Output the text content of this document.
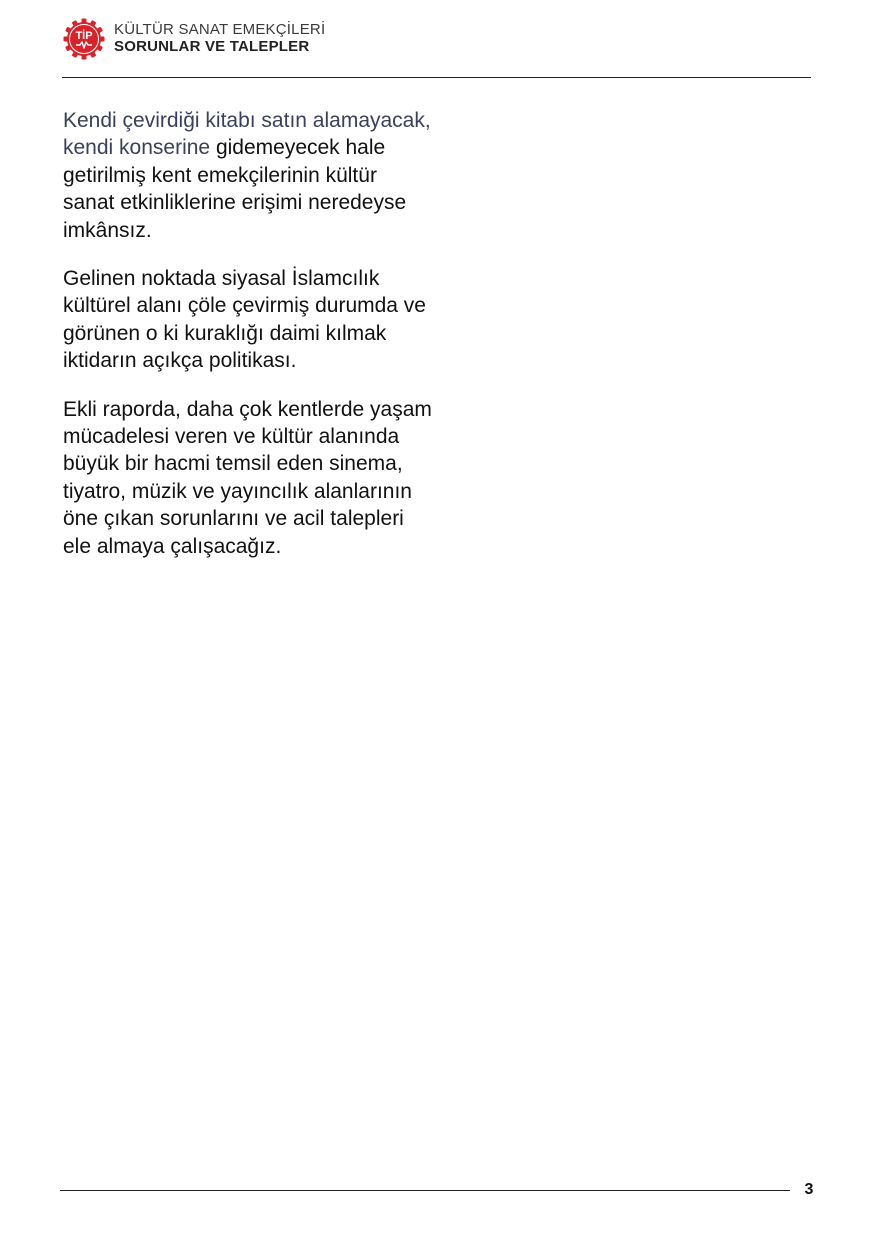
TİP KÜLTÜR SANAT EMEKÇİLERİ
SORUNLAR VE TALEPLER

Kendi çevirdiği kitabı satın alamayacak, kendi konserine gidemeyecek hale getirilmiş kent emekçilerinin kültür sanat etkinliklerine erişimi neredeyse imkânsız.

Gelinen noktada siyasal İslamcılık kültürel alanı çöle çevirmiş durumda ve görünen o ki kuraklığı daimi kılmak iktidarın açıkça politikası.

Ekli raporda, daha çok kentlerde yaşam mücadelesi veren ve kültür alanında büyük bir hacmi temsil eden sinema, tiyatro, müzik ve yayıncılık alanlarının öne çıkan sorunlarını ve acil talepleri ele almaya çalışacağız.

3
